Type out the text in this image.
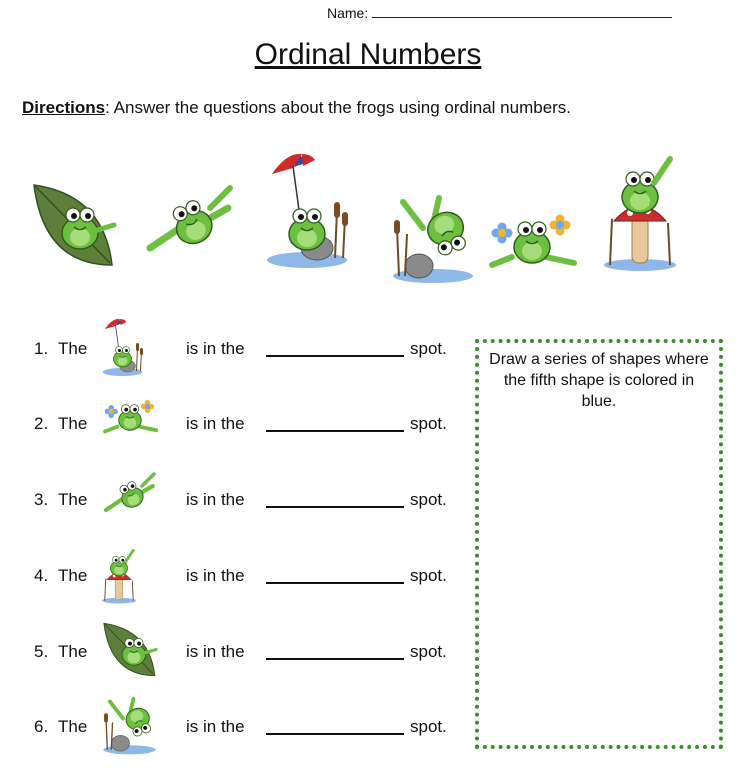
Name:
Ordinal Numbers
Directions: Answer the questions about the frogs using ordinal numbers.
1. The	is in the	spot.
2. The	is in the	spot.
3. The	is in the	spot.
4. The	is in the	spot.
5. The	is in the	spot.
6. The	is in the	spot.
Draw a series of shapes where the fifth shape is colored in blue.
